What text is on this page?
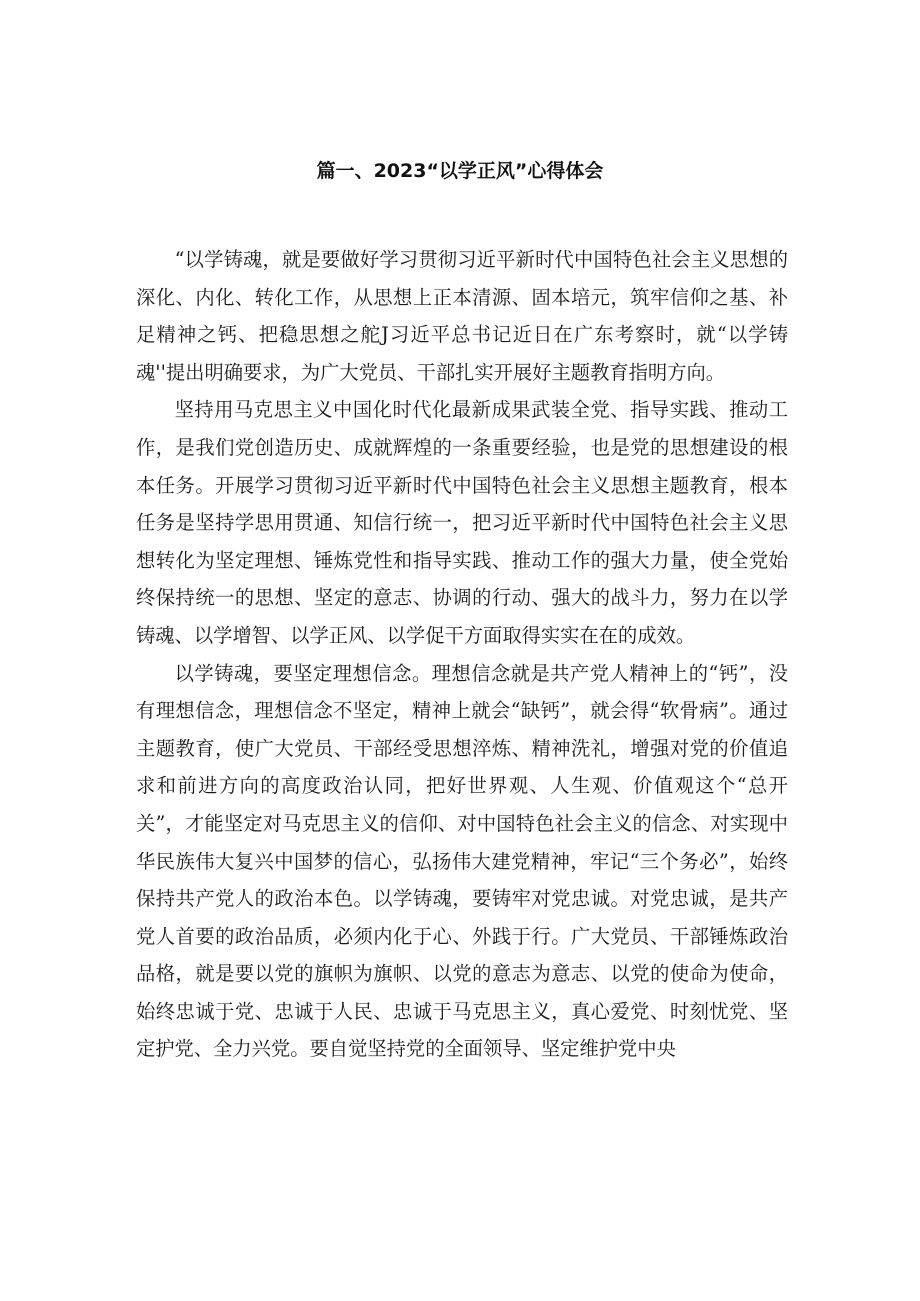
篇一、2023“以学正风”心得体会

“以学铸魂，就是要做好学习贯彻习近平新时代中国特色社会主义思想的深化、内化、转化工作，从思想上正本清源、固本培元，筑牢信仰之基、补足精神之钙、把稳思想之舵J习近平总书记近日在广东考察时，就“以学铸魂''提出明确要求，为广大党员、干部扎实开展好主题教育指明方向。

坚持用马克思主义中国化时代化最新成果武装全党、指导实践、推动工作，是我们党创造历史、成就辉煌的一条重要经验，也是党的思想建设的根本任务。开展学习贯彻习近平新时代中国特色社会主义思想主题教育，根本任务是坚持学思用贯通、知信行统一，把习近平新时代中国特色社会主义思想转化为坚定理想、锤炼党性和指导实践、推动工作的强大力量，使全党始终保持统一的思想、坚定的意志、协调的行动、强大的战斗力，努力在以学铸魂、以学增智、以学正风、以学促干方面取得实实在在的成效。

以学铸魂，要坚定理想信念。理想信念就是共产党人精神上的“钙”，没有理想信念，理想信念不坚定，精神上就会“缺钙”，就会得“软骨病”。通过主题教育，使广大党员、干部经受思想淬炼、精神洗礼，增强对党的价值追求和前进方向的高度政治认同，把好世界观、人生观、价值观这个“总开关”，才能坚定对马克思主义的信仰、对中国特色社会主义的信念、对实现中华民族伟大复兴中国梦的信心，弘扬伟大建党精神，牢记“三个务必”，始终保持共产党人的政治本色。以学铸魂，要铸牢对党忠诚。对党忠诚，是共产党人首要的政治品质，必须内化于心、外践于行。广大党员、干部锤炼政治品格，就是要以党的旗帜为旗帜、以党的意志为意志、以党的使命为使命，始终忠诚于党、忠诚于人民、忠诚于马克思主义，真心爱党、时刻忧党、坚定护党、全力兴党。要自觉坚持党的全面领导、坚定维护党中央
